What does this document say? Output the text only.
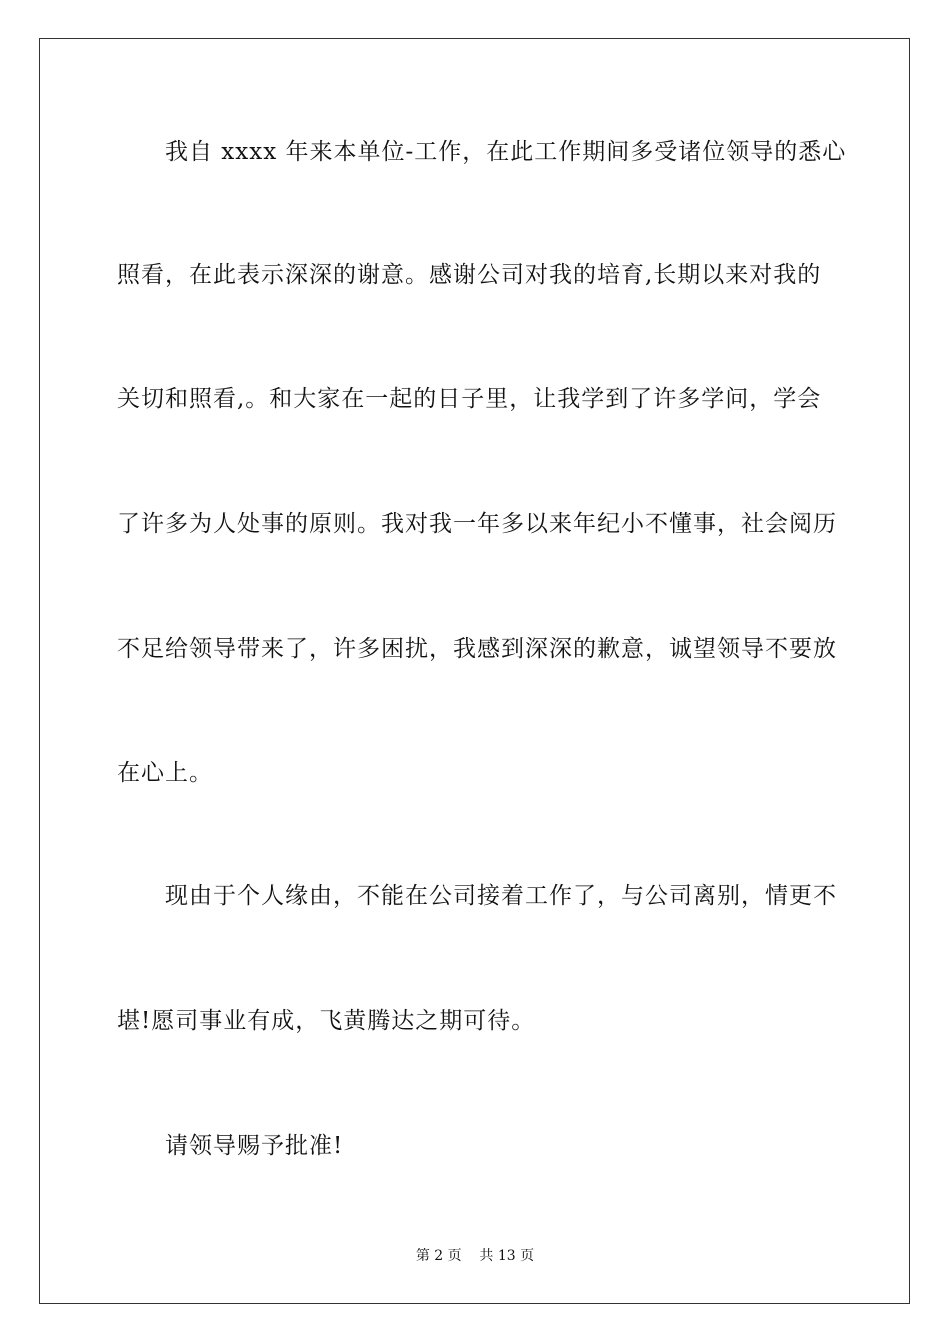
我自 xxxx 年来本单位-工作，在此工作期间多受诸位领导的悉心
照看，在此表示深深的谢意。感谢公司对我的培育,长期以来对我的
关切和照看,。和大家在一起的日子里，让我学到了许多学问，学会
了许多为人处事的原则。我对我一年多以来年纪小不懂事，社会阅历
不足给领导带来了，许多困扰，我感到深深的歉意，诚望领导不要放
在心上。
现由于个人缘由，不能在公司接着工作了，与公司离别，情更不
堪!愿司事业有成，飞黄腾达之期可待。
请领导赐予批准!
第 2 页    共 13 页
